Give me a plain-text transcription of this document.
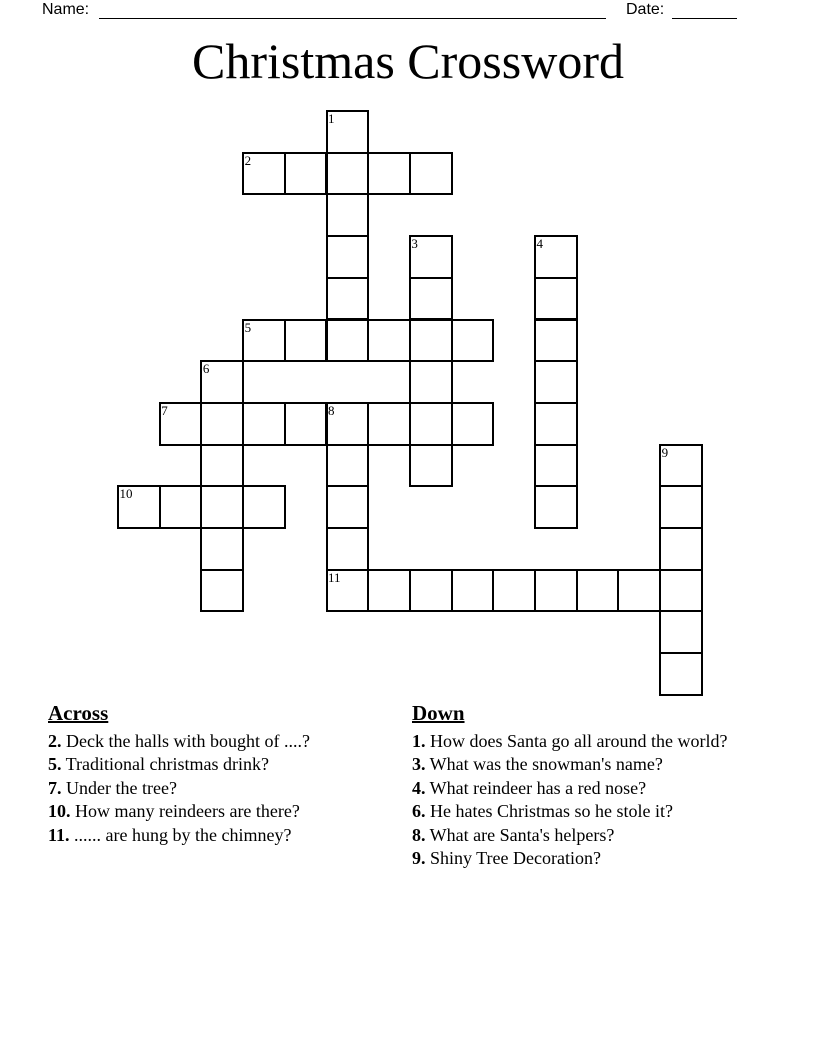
Name:	Date:
Christmas Crossword
1
2
3	4
5
6
7	8
9
10
11
Across

2. Deck the halls with bought of ....?

5. Traditional christmas drink?

7. Under the tree?

10. How many reindeers are there?

11. ...... are hung by the chimney?

Down

1. How does Santa go all around the world?

3. What was the snowman's name?

4. What reindeer has a red nose?

6. He hates Christmas so he stole it?

8. What are Santa's helpers?

9. Shiny Tree Decoration?
